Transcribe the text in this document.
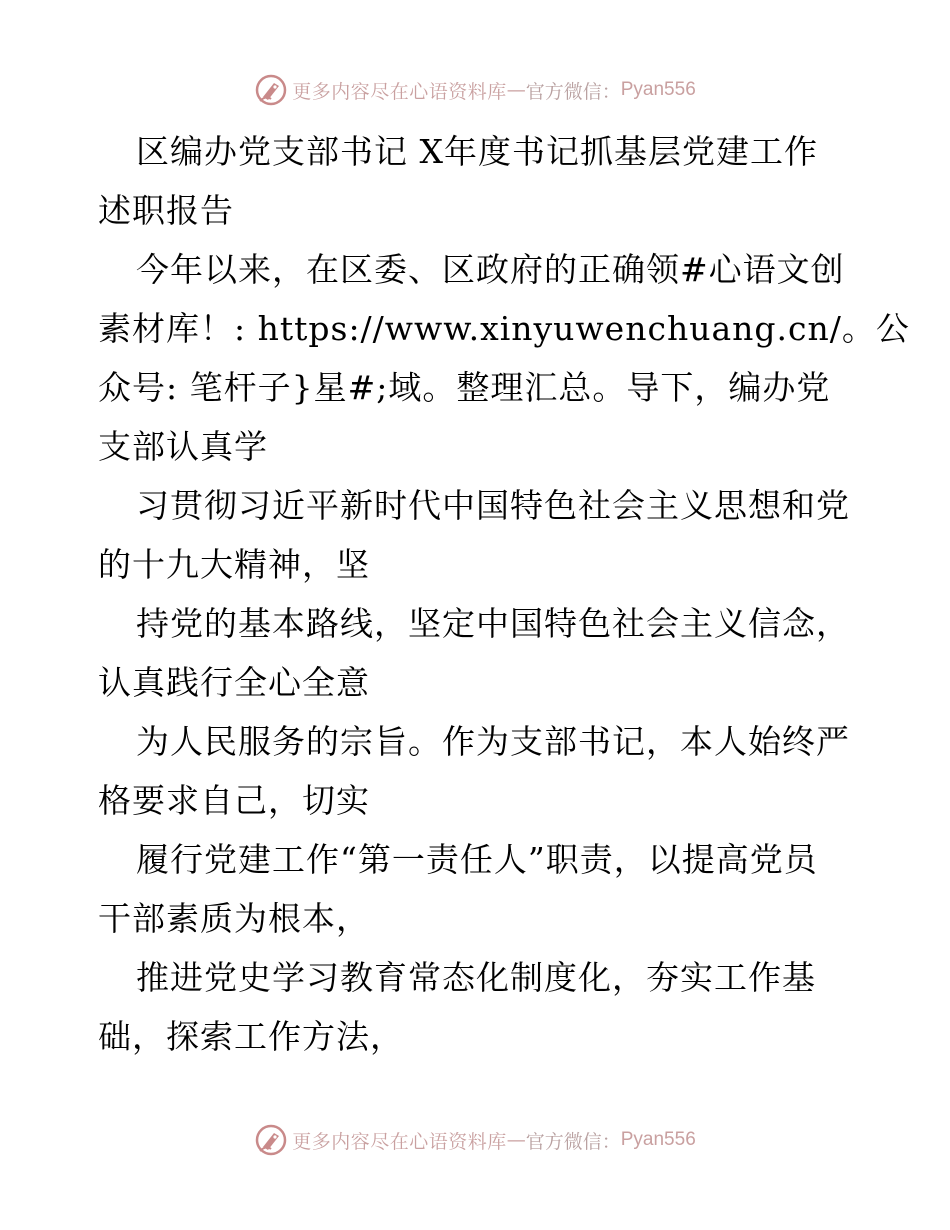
更多内容尽在心语资料库 — 官方微信： Pyan556
区编办党支部书记 X年度书记抓基层党建工作
述职报告
今年以来，在区委、区政府的正确领#心语文创
素材库！: https://www.xinyuwenchuang.cn/。公
众号: 笔杆子}星#;域。整理汇总。导下，编办党
支部认真学
习贯彻习近平新时代中国特色社会主义思想和党
的十九大精神，坚
持党的基本路线，坚定中国特色社会主义信念，
认真践行全心全意
为人民服务的宗旨。作为支部书记，本人始终严
格要求自己，切实
履行党建工作“第一责任人”职责，以提高党员
干部素质为根本，
推进党史学习教育常态化制度化，夯实工作基
础，探索工作方法，
更多内容尽在心语资料库 — 官方微信： Pyan556
